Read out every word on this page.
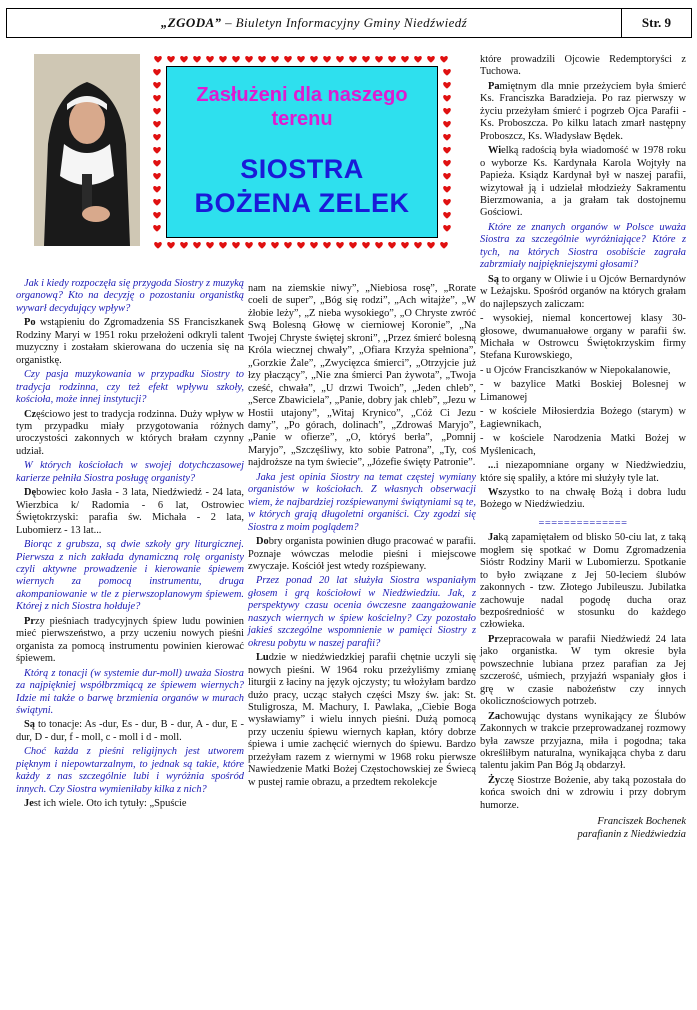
„ZGODA” – Biuletyn Informacyjny Gminy Niedźwiedź	Str. 9
Zasłużeni dla naszego
terenu
SIOSTRA
BOŻENA ZELEK

Jak i kiedy rozpoczęła się przygoda Siostry z muzyką organową? Kto na decyzję o pozostaniu organistką wywarł decydujący wpływ?

Po wstąpieniu do Zgromadzenia SS Franciszkanek Rodziny Maryi w 1951 roku przełożeni odkryli talent muzyczny i zostałam skierowana do uczenia się na organistkę.

Czy pasja muzykowania w przypadku Siostry to tradycja rodzinna, czy też efekt wpływu szkoły, kościoła, może innej instytucji?

Częściowo jest to tradycja rodzinna. Duży wpływ w tym przypadku miały przygotowania różnych uroczystości zakonnych w których brałam czynny udział.

W których kościołach w swojej dotychczasowej karierze pełniła Siostra posługę organisty?

Dębowiec koło Jasła - 3 lata, Niedźwiedź - 24 lata, Wierzbica k/ Radomia - 6 lat, Ostrowiec Świętokrzyski: parafia św. Michała - 2 lata, Lubomierz - 13 lat...

Biorąc z grubsza, są dwie szkoły gry liturgicznej. Pierwsza z nich zakłada dynamiczną rolę organisty czyli aktywne prowadzenie i kierowanie śpiewem wiernych za pomocą instrumentu, druga akompaniowanie w tle z pierwszoplanowym śpiewem. Której z nich Siostra hołduje?

Przy pieśniach tradycyjnych śpiew ludu powinien mieć pierwszeństwo, a przy uczeniu nowych pieśni organista za pomocą instrumentu powinien kierować śpiewem.

Którą z tonacji (w systemie dur-moll) uważa Siostra za najpiękniej współbrzmiącą ze śpiewem wiernych? Idzie mi także o barwę brzmienia organów w murach świątyni.

Są to tonacje: As -dur, Es - dur, B - dur, A - dur, E - dur, D - dur, f - moll, c - moll i d - moll.

Choć każda z pieśni religijnych jest utworem pięknym i niepowtarzalnym, to jednak są takie, które każdy z nas szczególnie lubi i wyróżnia spośród innych. Czy Siostra wymieniłaby kilka z nich?

Jest ich wiele. Oto ich tytuły: „Spuście

nam na ziemskie niwy”, „Niebiosa rosę”, „Rorate coeli de super”, „Bóg się rodzi”, „Ach witajże”, „W żłobie leży”, „Z nieba wysokiego”, „O Chryste zwróć Swą Bolesną Głowę w cierniowej Koronie”, „Na Twojej Chryste świętej skroni”, „Przez śmierć bolesną Króla wiecznej chwały”, „Ofiara Krzyża spełniona”, „Gorzkie Żale”, „Zwycięzca śmierci”, „Otrzyjcie już łzy płaczący”, „Nie zna śmierci Pan żywota”, „Twoja cześć, chwała”, „U drzwi Twoich”, „Jeden chleb”, „Serce Zbawiciela”, „Panie, dobry jak chleb”, „Jezu w Hostii utajony”, „Witaj Krynico”, „Cóż Ci Jezu damy”, „Po górach, dolinach”, „Zdrowaś Maryjo”, „Panie w ofierze”, „O, któryś berła”, „Pomnij Maryjo”, „Szczęśliwy, kto sobie Patrona”, „Ty, coś najdroższe na tym świecie”, „Józefie święty Patronie”.

Jaka jest opinia Siostry na temat częstej wymiany organistów w kościołach. Z własnych obserwacji wiem, że najbardziej rozśpiewanymi świątyniami są te, w których grają długoletni organiści. Czy zgodzi się Siostra z moim poglądem?

Dobry organista powinien długo pracować w parafii. Poznaje wówczas melodie pieśni i miejscowe zwyczaje. Kościół jest wtedy rozśpiewany.

Przez ponad 20 lat służyła Siostra wspaniałym głosem i grą kościołowi w Niedźwiedziu. Jak, z perspektywy czasu ocenia ówczesne zaangażowanie naszych wiernych w śpiew kościelny? Czy pozostało jakieś szczególne wspomnienie w pamięci Siostry z okresu pobytu w naszej parafii?

Ludzie w niedźwiedzkiej parafii chętnie uczyli się nowych pieśni. W 1964 roku przeżyliśmy zmianę liturgii z łaciny na język ojczysty; tu włożyłam bardzo dużo pracy, ucząc stałych części Mszy św. jak: St. Stuligrosza, M. Machury, I. Pawlaka, „Ciebie Boga wysławiamy” i wielu innych pieśni. Dużą pomocą przy uczeniu śpiewu wiernych kapłan, który dobrze śpiewa i umie zachęcić wiernych do śpiewu. Bardzo przeżyłam razem z wiernymi w 1968 roku pierwsze Nawiedzenie Matki Bożej Częstochowskiej ze Świecą w pustej ramie obrazu, a przedtem rekolekcje

które prowadzili Ojcowie Redemptoryści z Tuchowa.

Pamiętnym dla mnie przeżyciem była śmierć Ks. Franciszka Baradzieja. Po raz pierwszy w życiu przeżyłam śmierć i pogrzeb Ojca Parafii - Ks. Proboszcza. Po kilku latach zmarł następny Proboszcz, Ks. Władysław Będek.

Wielką radością była wiadomość w 1978 roku o wyborze Ks. Kardynała Karola Wojtyły na Papieża. Ksiądz Kardynał był w naszej parafii, wizytował ją i udzielał młodzieży Sakramentu Bierzmowania, a ja grałam tak dostojnemu Gościowi.

Które ze znanych organów w Polsce uważa Siostra za szczególnie wyróżniające? Które z tych, na których Siostra osobiście zagrała zabrzmiały najpiękniejszymi głosami?

Są to organy w Oliwie i u Ojców Bernardynów w Leżajsku. Spośród organów na których grałam do najlepszych zaliczam:

- wysokiej, niemal koncertowej klasy 30-głosowe, dwumanuałowe organy w parafii św. Michała w Ostrowcu Świętokrzyskim firmy Stefana Kurowskiego,

- u Ojców Franciszkanów w Niepokalanowie,

- w bazylice Matki Boskiej Bolesnej w Limanowej

- w kościele Miłosierdzia Bożego (starym) w Łagiewnikach,

- w kościele Narodzenia Matki Bożej w Myślenicach,

...i niezapomniane organy w Niedźwiedziu, które się spaliły, a które mi służyły tyle lat.

Wszystko to na chwałę Bożą i dobra ludu Bożego w Niedźwiedziu.

==============

Jaką zapamiętałem od blisko 50-ciu lat, z taką mogłem się spotkać w Domu Zgromadzenia Sióstr Rodziny Marii w Lubomierzu. Spotkanie to było związane z Jej 50-leciem ślubów zakonnych - tzw. Złotego Jubileuszu. Jubilatka zachowuje nadal pogodę ducha oraz bezpośredniość w stosunku do każdego człowieka.

Przepracowała w parafii Niedźwiedź 24 lata jako organistka. W tym okresie była powszechnie lubiana przez parafian za Jej szczerość, uśmiech, przyjaźń wspaniały głos i grę w czasie nabożeństw czy innych okolicznościowych potrzeb.

Zachowując dystans wynikający ze Ślubów Zakonnych w trakcie przeprowadzanej rozmowy była zawsze przyjazna, miła i pogodna; taka określiłbym naturalna, wynikająca chyba z daru talentu jakim Pan Bóg Ją obdarzył.

Życzę Siostrze Bożenie, aby taką pozostała do końca swoich dni w zdrowiu i przy dobrym humorze.

Franciszek Bochenek

parafianin z Niedźwiedzia
